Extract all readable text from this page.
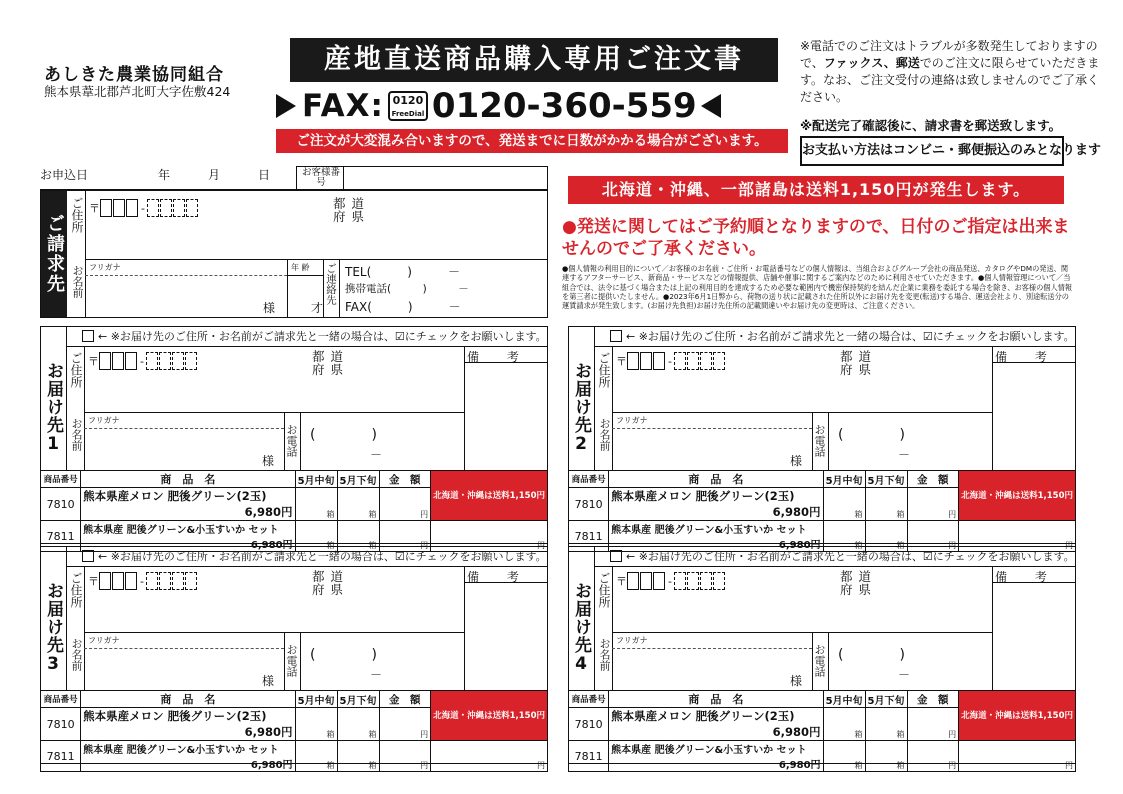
あしきた農業協同組合
熊本県葦北郡芦北町大字佐敷424
産地直送商品購入専用ご注文書
FAX: 0120
FreeDial 0120-360-559
ご注文が大変混み合いますので、発送までに日数がかかる場合がございます。
※電話でのご注文はトラブルが多数発生しておりますので、ファックス、郵送でのご注文に限らせていただきます。なお、ご注文受付の連絡は致しませんのでご了承ください。
※配送完了確認後に、請求書を郵送致します。
お支払い方法はコンビニ・郵便振込のみとなります
北海道・沖縄、一部諸島は送料1,150円が発生します。
●発送に関してはご予約順となりますので、日付のご指定は出来ませんのでご了承ください。
●個人情報の利用目的について／お客様のお名前・ご住所・お電話番号などの個人情報は、当組合およびグループ会社の商品発送、カタログやDMの発送、関連するアフターサービス、新商品・サービスなどの情報提供、店舗や催事に関するご案内などのために利用させていただきます。●個人情報管理について／当組合では、法令に基づく場合または上記の利用目的を達成するため必要な範囲内で機密保持契約を結んだ企業に業務を委託する場合を除き、お客様の個人情報を第三者に提供いたしません。●2023年6月1日弊から、荷物の送り状に記載された住所以外にお届け先を変更(転送)する場合、運送会社より、別途転送分の運賃請求が発生致します。(お届け先負担)お届け先住所の記載間違いやお届け先の変更時は、ご注意ください。
お申込日	年	月	日	お客様番号
ご請求先 ご住所 〒	-	都 道
府 県
フリガナ
お名前
様
年 齢
才
ご連絡先 TEL(　　　)　　　－
携帯電話(　　　)　　　－
FAX(　　　)　　　－
← ※お届け先のご住所・お名前がご請求先と一緒の場合は、☑にチェックをお願いします。
お届け先1 ご住所 〒	-	都 道
府 県
備 考
フリガナ
お名前
様
お電話 (　　　　)
－
商品番号	商　品　名	5月中旬	5月下旬	金　額	北海道・沖縄は送料1,150円
7810	熊本県産メロン 肥後グリーン(2玉)
6,980円	箱	箱	円	
7811	熊本県産 肥後グリーン&小玉すいか セット
6,980円	箱	箱	円	円
← ※お届け先のご住所・お名前がご請求先と一緒の場合は、☑にチェックをお願いします。
お届け先2 ご住所 〒	-	都 道
府 県
備 考
フリガナ
お名前
様
お電話 (　　　　)
－
商品番号	商　品　名	5月中旬	5月下旬	金　額	北海道・沖縄は送料1,150円
7810	熊本県産メロン 肥後グリーン(2玉)
6,980円	箱	箱	円	
7811	熊本県産 肥後グリーン&小玉すいか セット
6,980円	箱	箱	円	円
← ※お届け先のご住所・お名前がご請求先と一緒の場合は、☑にチェックをお願いします。
お届け先3 ご住所 〒	-	都 道
府 県
備 考
フリガナ
お名前
様
お電話 (　　　　)
－
商品番号	商　品　名	5月中旬	5月下旬	金　額	北海道・沖縄は送料1,150円
7810	熊本県産メロン 肥後グリーン(2玉)
6,980円	箱	箱	円	
7811	熊本県産 肥後グリーン&小玉すいか セット
6,980円	箱	箱	円	円
← ※お届け先のご住所・お名前がご請求先と一緒の場合は、☑にチェックをお願いします。
お届け先4 ご住所 〒	-	都 道
府 県
備 考
フリガナ
お名前
様
お電話 (　　　　)
－
商品番号	商　品　名	5月中旬	5月下旬	金　額	北海道・沖縄は送料1,150円
7810	熊本県産メロン 肥後グリーン(2玉)
6,980円	箱	箱	円	
7811	熊本県産 肥後グリーン&小玉すいか セット
6,980円	箱	箱	円	円
